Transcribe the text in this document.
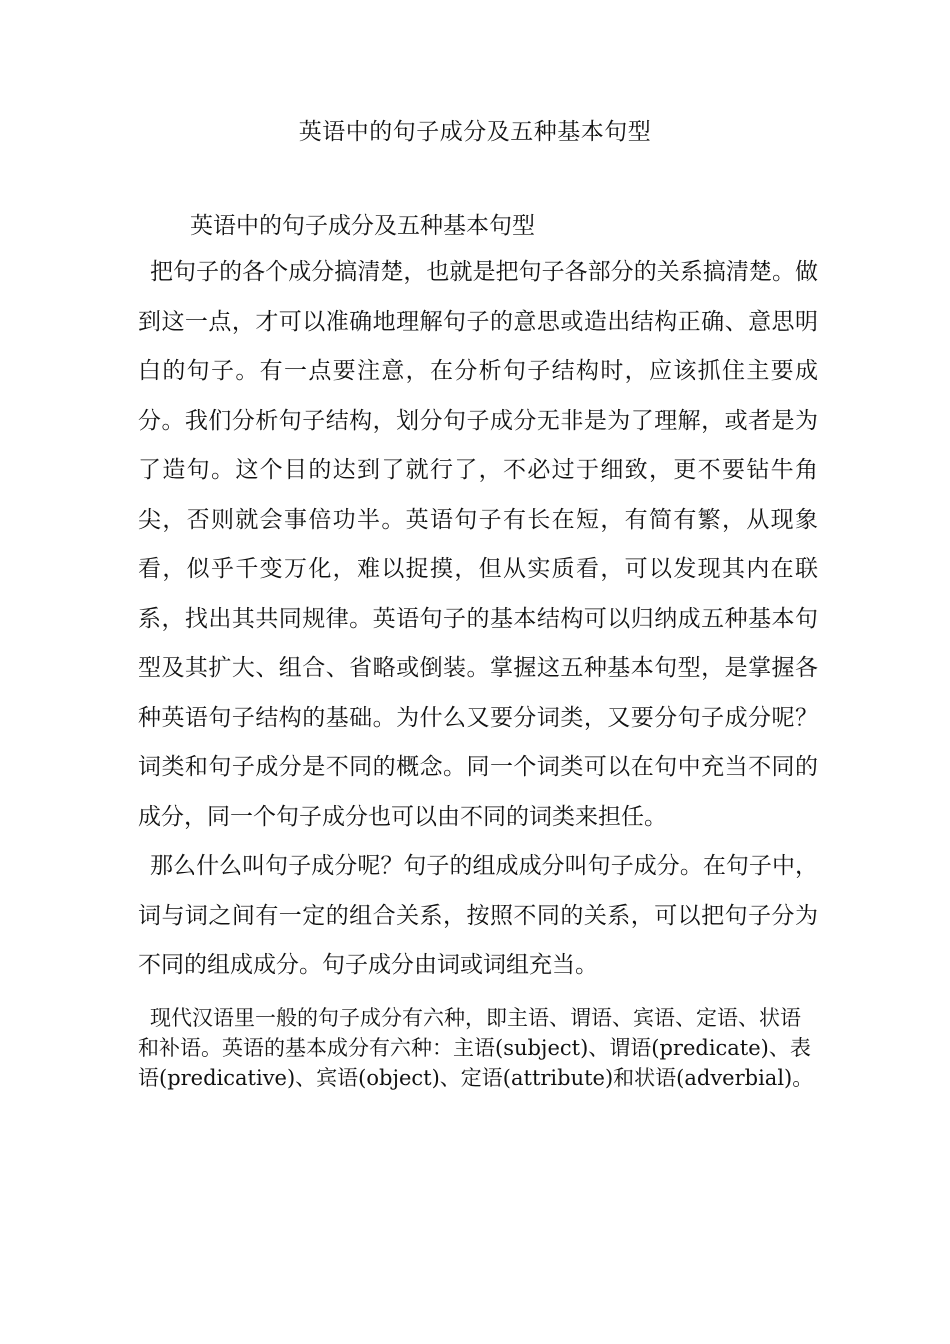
英语中的句子成分及五种基本句型
英语中的句子成分及五种基本句型

把句子的各个成分搞清楚，也就是把句子各部分的关系搞清楚。做到这一点，才可以准确地理解句子的意思或造出结构正确、意思明白的句子。有一点要注意，在分析句子结构时，应该抓住主要成分。我们分析句子结构，划分句子成分无非是为了理解，或者是为了造句。这个目的达到了就行了，不必过于细致，更不要钻牛角尖，否则就会事倍功半。英语句子有长在短，有简有繁，从现象看，似乎千变万化，难以捉摸，但从实质看，可以发现其内在联系，找出其共同规律。英语句子的基本结构可以归纳成五种基本句型及其扩大、组合、省略或倒装。掌握这五种基本句型，是掌握各种英语句子结构的基础。为什么又要分词类，又要分句子成分呢？词类和句子成分是不同的概念。同一个词类可以在句中充当不同的成分，同一个句子成分也可以由不同的词类来担任。

那么什么叫句子成分呢？句子的组成成分叫句子成分。在句子中，词与词之间有一定的组合关系，按照不同的关系，可以把句子分为不同的组成成分。句子成分由词或词组充当。

现代汉语里一般的句子成分有六种，即主语、谓语、宾语、定语、状语和补语。英语的基本成分有六种：主语(subject)、谓语(predicate)、表语(predicative)、宾语(object)、定语(attribute)和状语(adverbial)。
